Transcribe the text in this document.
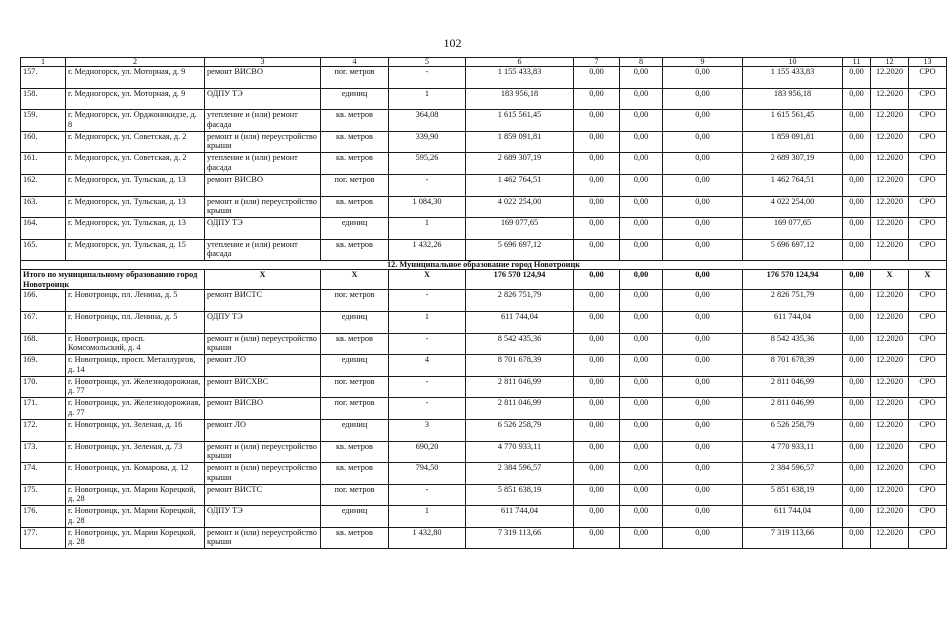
102
1	2	3	4	5	6	7	8	9	10	11	12	13
157.	г. Медногорск, ул. Моторная, д. 9	ремонт ВИСВО	пог. метров	-	1 155 433,83	0,00	0,00	0,00	1 155 433,83	0,00	12.2020	СРО
158.	г. Медногорск, ул. Моторная, д. 9	ОДПУ ТЭ	единиц	1	183 956,18	0,00	0,00	0,00	183 956,18	0,00	12.2020	СРО
159.	г. Медногорск, ул. Орджоникидзе, д. 8	утепление и (или) ремонт фасада	кв. метров	364,08	1 615 561,45	0,00	0,00	0,00	1 615 561,45	0,00	12.2020	СРО
160.	г. Медногорск, ул. Советская, д. 2	ремонт и (или) переустройство крыши	кв. метров	339,90	1 859 091,81	0,00	0,00	0,00	1 859 091,81	0,00	12.2020	СРО
161.	г. Медногорск, ул. Советская, д. 2	утепление и (или) ремонт фасада	кв. метров	595,26	2 689 307,19	0,00	0,00	0,00	2 689 307,19	0,00	12.2020	СРО
162.	г. Медногорск, ул. Тульская, д. 13	ремонт ВИСВО	пог. метров	-	1 462 764,51	0,00	0,00	0,00	1 462 764,51	0,00	12.2020	СРО
163.	г. Медногорск, ул. Тульская, д. 13	ремонт и (или) переустройство крыши	кв. метров	1 084,30	4 022 254,00	0,00	0,00	0,00	4 022 254,00	0,00	12.2020	СРО
164.	г. Медногорск, ул. Тульская, д. 13	ОДПУ ТЭ	единиц	1	169 077,65	0,00	0,00	0,00	169 077,65	0,00	12.2020	СРО
165.	г. Медногорск, ул. Тульская, д. 15	утепление и (или) ремонт фасада	кв. метров	1 432,26	5 696 697,12	0,00	0,00	0,00	5 696 697,12	0,00	12.2020	СРО
12. Муниципальное образование город Новотроицк												
Итого по муниципальному образованию город Новотроицк		X	X	X	176 570 124,94	0,00	0,00	0,00	176 570 124,94	0,00	X	X
166.	г. Новотроицк, пл. Ленина, д. 5	ремонт ВИСТС	пог. метров	-	2 826 751,79	0,00	0,00	0,00	2 826 751,79	0,00	12.2020	СРО
167.	г. Новотроицк, пл. Ленина, д. 5	ОДПУ ТЭ	единиц	1	611 744,04	0,00	0,00	0,00	611 744,04	0,00	12.2020	СРО
168.	г. Новотроицк, просп. Комсомольский, д. 4	ремонт и (или) переустройство крыши	кв. метров	-	8 542 435,36	0,00	0,00	0,00	8 542 435,36	0,00	12.2020	СРО
169.	г. Новотроицк, просп. Металлургов, д. 14	ремонт ЛО	единиц	4	8 701 678,39	0,00	0,00	0,00	8 701 678,39	0,00	12.2020	СРО
170.	г. Новотроицк, ул. Железнодорожная, д. 77	ремонт ВИСХВС	пог. метров	-	2 811 046,99	0,00	0,00	0,00	2 811 046,99	0,00	12.2020	СРО
171.	г. Новотроицк, ул. Железнодорожная, д. 77	ремонт ВИСВО	пог. метров	-	2 811 046,99	0,00	0,00	0,00	2 811 046,99	0,00	12.2020	СРО
172.	г. Новотроицк, ул. Зеленая, д. 16	ремонт ЛО	единиц	3	6 526 258,79	0,00	0,00	0,00	6 526 258,79	0,00	12.2020	СРО
173.	г. Новотроицк, ул. Зеленая, д. 73	ремонт и (или) переустройство крыши	кв. метров	690,20	4 770 933,11	0,00	0,00	0,00	4 770 933,11	0,00	12.2020	СРО
174.	г. Новотроицк, ул. Комарова, д. 12	ремонт и (или) переустройство крыши	кв. метров	794,50	2 384 596,57	0,00	0,00	0,00	2 384 596,57	0,00	12.2020	СРО
175.	г. Новотроицк, ул. Марии Корецкой, д. 28	ремонт ВИСТС	пог. метров	-	5 851 638,19	0,00	0,00	0,00	5 851 638,19	0,00	12.2020	СРО
176.	г. Новотроицк, ул. Марии Корецкой, д. 28	ОДПУ ТЭ	единиц	1	611 744,04	0,00	0,00	0,00	611 744,04	0,00	12.2020	СРО
177.	г. Новотроицк, ул. Марии Корецкой, д. 28	ремонт и (или) переустройство крыши	кв. метров	1 432,80	7 319 113,66	0,00	0,00	0,00	7 319 113,66	0,00	12.2020	СРО
